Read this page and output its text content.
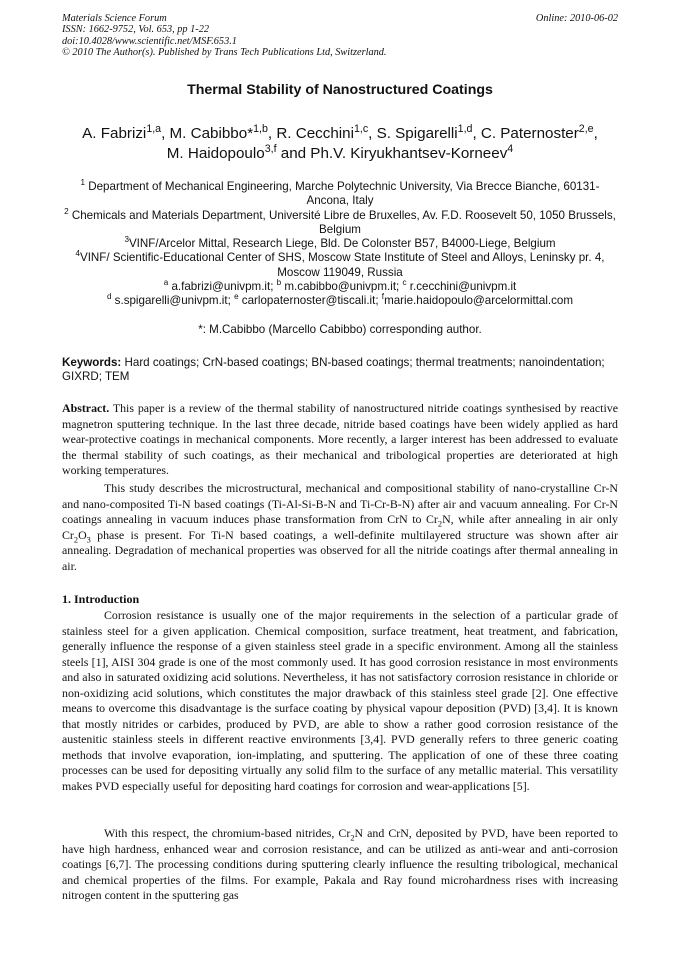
Materials Science Forum
ISSN: 1662-9752, Vol. 653, pp 1-22
doi:10.4028/www.scientific.net/MSF.653.1
© 2010 The Author(s). Published by Trans Tech Publications Ltd, Switzerland.
Online: 2010-06-02
Thermal Stability of Nanostructured Coatings
A. Fabrizi$^{1,a}$, M. Cabibbo*$^{1,b}$, R. Cecchini$^{1,c}$, S. Spigarelli$^{1,d}$, C. Paternoster$^{2,e}$,
M. Haidopoulo$^{3,f}$ and Ph.V. Kiryukhantsev-Korneev$^4$
$^1$ Department of Mechanical Engineering, Marche Polytechnic University, Via Brecce Bianche, 60131-Ancona, Italy
$^2$ Chemicals and Materials Department, Université Libre de Bruxelles, Av. F.D. Roosevelt 50, 1050 Brussels, Belgium
$^3$VINF/Arcelor Mittal, Research Liege, Bld. De Colonster B57, B4000-Liege, Belgium
$^4$VINF/ Scientific-Educational Center of SHS, Moscow State Institute of Steel and Alloys, Leninsky pr. 4, Moscow 119049, Russia
$^a$ a.fabrizi@univpm.it; $^b$ m.cabibbo@univpm.it; $^c$ r.cecchini@univpm.it
$^d$ s.spigarelli@univpm.it; $^e$ carlopaternoster@tiscali.it; $^f$marie.haidopoulo@arcelormittal.com
*: M.Cabibbo (Marcello Cabibbo) corresponding author.
Keywords: Hard coatings; CrN-based coatings; BN-based coatings; thermal treatments; nanoindentation; GIXRD; TEM

Abstract. This paper is a review of the thermal stability of nanostructured nitride coatings synthesised by reactive magnetron sputtering technique. In the last three decade, nitride based coatings have been widely applied as hard wear-protective coatings in mechanical components. More recently, a larger interest has been addressed to evaluate the thermal stability of such coatings, as their mechanical and tribological properties are deteriorated at high working temperatures.

This study describes the microstructural, mechanical and compositional stability of nano-crystalline Cr-N and nano-composited Ti-N based coatings (Ti-Al-Si-B-N and Ti-Cr-B-N) after air and vacuum annealing. For Cr-N coatings annealing in vacuum induces phase transformation from CrN to $Cr_2N$, while after annealing in air only $Cr_2O_3$ phase is present. For Ti-N based coatings, a well-definite multilayered structure was shown after air annealing. Degradation of mechanical properties was observed for all the nitride coatings after thermal annealing in air.

1. Introduction

Corrosion resistance is usually one of the major requirements in the selection of a particular grade of stainless steel for a given application. Chemical composition, surface treatment, heat treatment, and fabrication, generally influence the response of a given stainless steel grade in a specific environment. Among all the stainless steels [1], AISI 304 grade is one of the most commonly used. It has good corrosion resistance in most environments and also in saturated oxidizing acid solutions. Nevertheless, it has not satisfactory corrosion resistance in chloride or non-oxidizing acid solutions, which constitutes the major drawback of this stainless steel grade [2]. One effective means to overcome this disadvantage is the surface coating by physical vapour deposition (PVD) [3,4]. It is known that mostly nitrides or carbides, produced by PVD, are able to show a rather good corrosion resistance of the austenitic stainless steels in different reactive environments [3,4]. PVD generally refers to three generic coating methods that involve evaporation, ion-implating, and sputtering. The application of one of these three coating processes can be used for depositing virtually any solid film to the surface of any metallic material. This versatility makes PVD especially useful for depositing hard coatings for corrosion and wear-applications [5].

With this respect, the chromium-based nitrides, $Cr_2N$ and CrN, deposited by PVD, have been reported to have high hardness, enhanced wear and corrosion resistance, and can be utilized as anti-wear and anti-corrosion coatings [6,7]. The processing conditions during sputtering clearly influence the resulting tribological, mechanical and chemical properties of the films. For example, Pakala and Ray found microhardness rises with increasing nitrogen content in the sputtering gas
